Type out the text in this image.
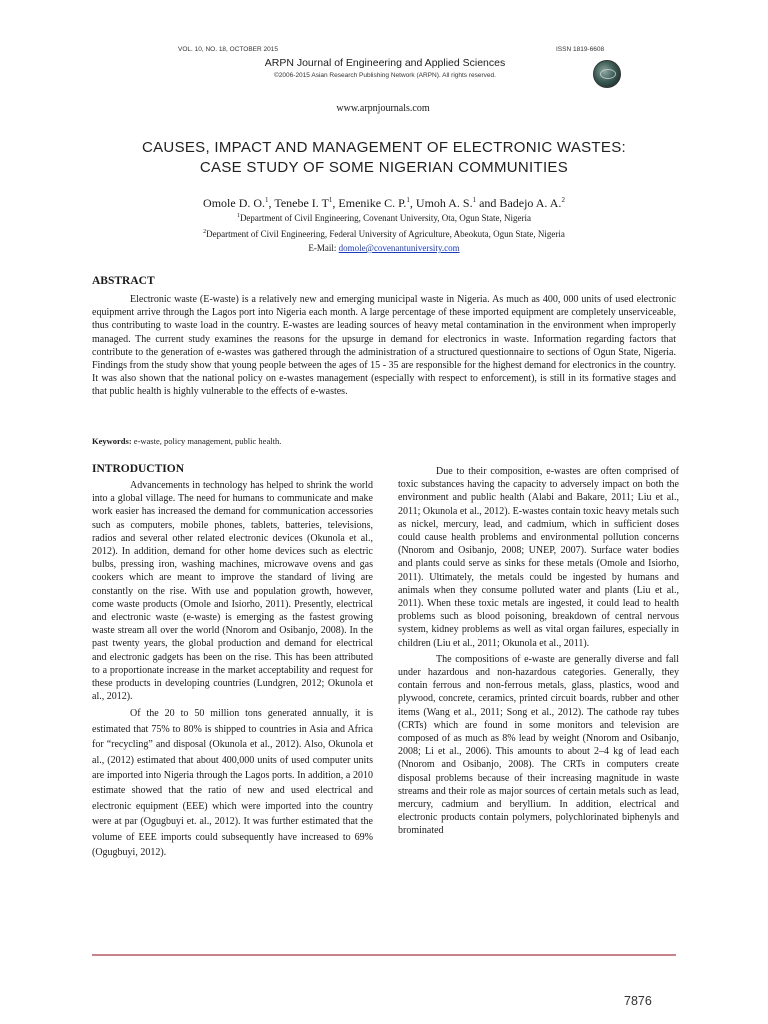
VOL. 10, NO. 18, OCTOBER 2015	ISSN 1819-6608
ARPN Journal of Engineering and Applied Sciences
©2006-2015 Asian Research Publishing Network (ARPN). All rights reserved.
www.arpnjournals.com
CAUSES, IMPACT AND MANAGEMENT OF ELECTRONIC WASTES:
CASE STUDY OF SOME NIGERIAN COMMUNITIES
Omole D. O.$^1$, Tenebe I. $T^1$, Emenike C. P.$^1$, Umoh A. S.$^1$ and Badejo A. A.$^2$
$^1$Department of Civil Engineering, Covenant University, Ota, Ogun State, Nigeria
$^2$Department of Civil Engineering, Federal University of Agriculture, Abeokuta, Ogun State, Nigeria
E-Mail: domole@covenantuniversity.com
ABSTRACT
Electronic waste (E-waste) is a relatively new and emerging municipal waste in Nigeria. As much as 400, 000 units of used electronic equipment arrive through the Lagos port into Nigeria each month. A large percentage of these imported equipment are completely unserviceable, thus contributing to waste load in the country. E-wastes are leading sources of heavy metal contamination in the environment when improperly managed. The current study examines the reasons for the upsurge in demand for electronics in waste. Information regarding factors that contribute to the generation of e-wastes was gathered through the administration of a structured questionnaire to sections of Ogun State, Nigeria. Findings from the study show that young people between the ages of 15 - 35 are responsible for the highest demand for electronics in the country. It was also shown that the national policy on e-wastes management (especially with respect to enforcement), is still in its formative stages and that public health is highly vulnerable to the effects of e-wastes.
Keywords: e-waste, policy management, public health.
INTRODUCTION

Advancements in technology has helped to shrink the world into a global village. The need for humans to communicate and make work easier has increased the demand for communication accessories such as computers, mobile phones, tablets, batteries, televisions, radios and several other related electronic devices (Okunola et al., 2012). In addition, demand for other home devices such as electric bulbs, pressing iron, washing machines, microwave ovens and gas cookers which are meant to improve the standard of living are constantly on the rise. With use and population growth, however, come waste products (Omole and Isiorho, 2011). Presently, electrical and electronic waste (e-waste) is emerging as the fastest growing waste stream all over the world (Nnorom and Osibanjo, 2008). In the past twenty years, the global production and demand for electrical and electronic gadgets has been on the rise. This has been attributed to a proportionate increase in the market acceptability and request for these products in developing countries (Lundgren, 2012; Okunola et al., 2012).

Of the 20 to 50 million tons generated annually, it is estimated that 75% to 80% is shipped to countries in Asia and Africa for “recycling” and disposal (Okunola et al., 2012). Also, Okunola et al., (2012) estimated that about 400,000 units of used computer units are imported into Nigeria through the Lagos ports. In addition, a 2010 estimate showed that the ratio of new and used electrical and electronic equipment (EEE) which were imported into the country were at par (Ogugbuyi et. al., 2012). It was further estimated that the volume of EEE imports could subsequently have increased to 69% (Ogugbuyi, 2012).

Due to their composition, e-wastes are often comprised of toxic substances having the capacity to adversely impact on both the environment and public health (Alabi and Bakare, 2011; Liu et al., 2011; Okunola et al., 2012). E-wastes contain toxic heavy metals such as nickel, mercury, lead, and cadmium, which in sufficient doses could cause health problems and environmental pollution concerns (Nnorom and Osibanjo, 2008; UNEP, 2007). Surface water bodies and plants could serve as sinks for these metals (Omole and Isiorho, 2011). Ultimately, the metals could be ingested by humans and animals when they consume polluted water and plants (Liu et al., 2011). When these toxic metals are ingested, it could lead to health problems such as blood poisoning, breakdown of central nervous system, kidney problems as well as vital organ failures, especially in children (Liu et al., 2011; Okunola et al., 2011).

The compositions of e-waste are generally diverse and fall under hazardous and non-hazardous categories. Generally, they contain ferrous and non-ferrous metals, glass, plastics, wood and plywood, concrete, ceramics, printed circuit boards, rubber and other items (Wang et al., 2011; Song et al., 2012). The cathode ray tubes (CRTs) which are found in some monitors and television are composed of as much as 8% lead by weight (Nnorom and Osibanjo, 2008; Li et al., 2006). This amounts to about 2–4 kg of lead each (Nnorom and Osibanjo, 2008). The CRTs in computers create disposal problems because of their increasing magnitude in waste streams and their role as major sources of certain metals such as lead, mercury, cadmium and beryllium. In addition, electrical and electronic products contain polymers, polychlorinated biphenyls and brominated

7876
